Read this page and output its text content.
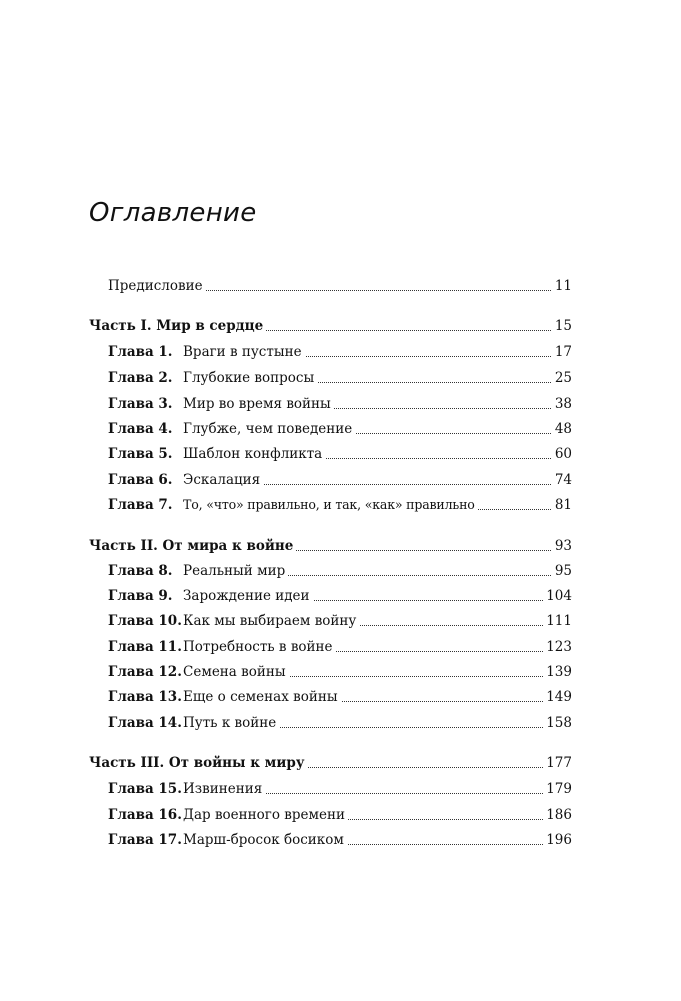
Оглавление
Предисловие	11
Часть I. Мир в сердце	15
Глава 1. Враги в пустыне	17
Глава 2. Глубокие вопросы	25
Глава 3. Мир во время войны	38
Глава 4. Глубже, чем поведение	48
Глава 5. Шаблон конфликта	60
Глава 6. Эскалация	74
Глава 7. То, «что» правильно, и так, «как» правильно	81
Часть II. От мира к войне	93
Глава 8. Реальный мир	95
Глава 9. Зарождение идеи	104
Глава 10. Как мы выбираем войну	111
Глава 11. Потребность в войне	123
Глава 12. Семена войны	139
Глава 13. Еще о семенах войны	149
Глава 14. Путь к войне	158
Часть III. От войны к миру	177
Глава 15. Извинения	179
Глава 16. Дар военного времени	186
Глава 17. Марш-бросок босиком	196
